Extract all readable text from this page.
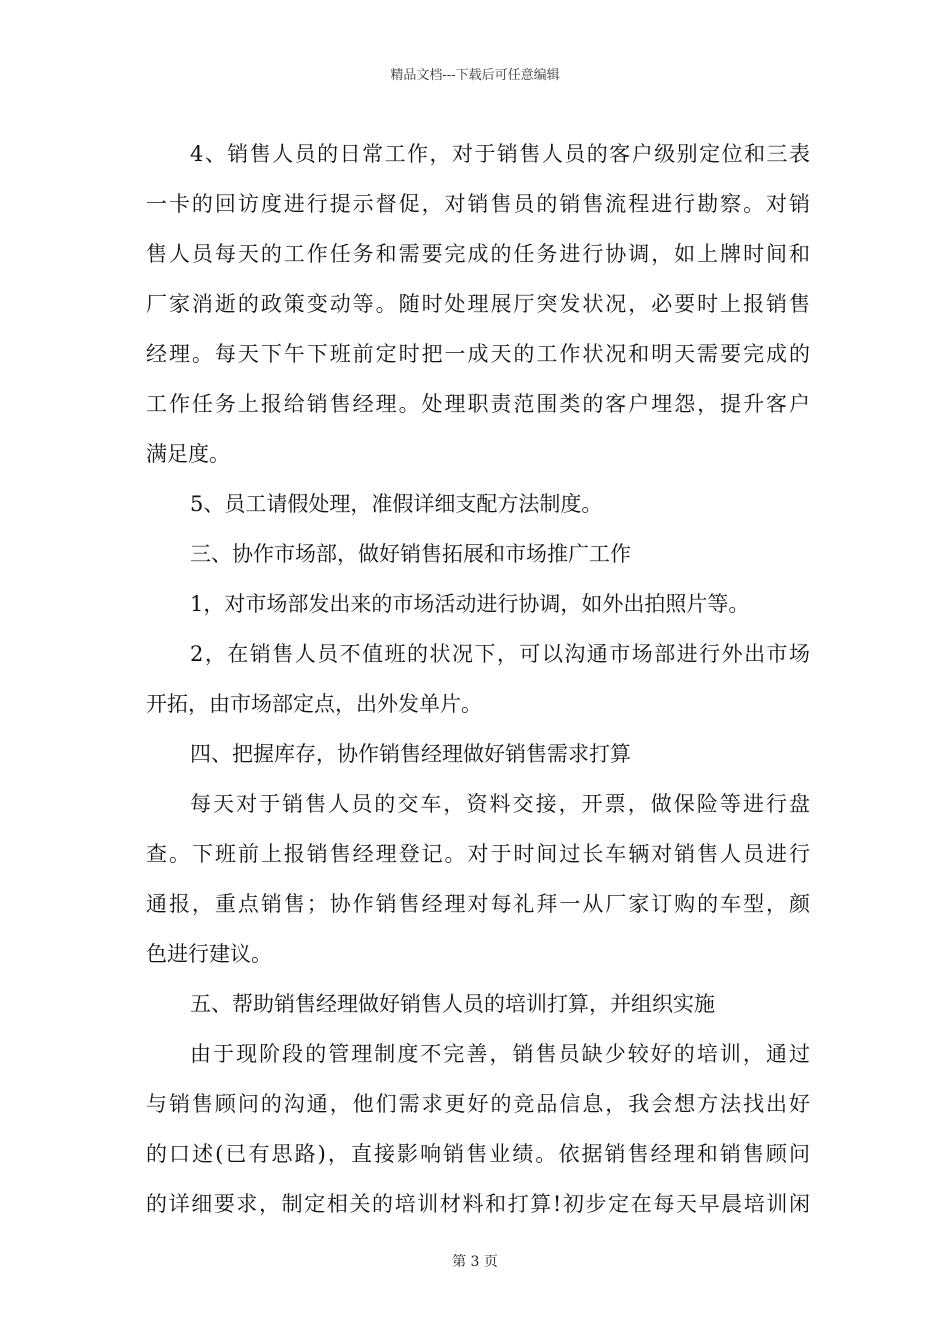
精品文档---下载后可任意编辑
4、销售人员的日常工作，对于销售人员的客户级别定位和三表
一卡的回访度进行提示督促，对销售员的销售流程进行勘察。对销
售人员每天的工作任务和需要完成的任务进行协调，如上牌时间和
厂家消逝的政策变动等。随时处理展厅突发状况，必要时上报销售
经理。每天下午下班前定时把一成天的工作状况和明天需要完成的
工作任务上报给销售经理。处理职责范围类的客户埋怨，提升客户
满足度。
5、员工请假处理，准假详细支配方法制度。
三、协作市场部，做好销售拓展和市场推广工作
1，对市场部发出来的市场活动进行协调，如外出拍照片等。
2，在销售人员不值班的状况下，可以沟通市场部进行外出市场
开拓，由市场部定点，出外发单片。
四、把握库存，协作销售经理做好销售需求打算
每天对于销售人员的交车，资料交接，开票，做保险等进行盘
查。下班前上报销售经理登记。对于时间过长车辆对销售人员进行
通报，重点销售；协作销售经理对每礼拜一从厂家订购的车型，颜
色进行建议。
五、帮助销售经理做好销售人员的培训打算，并组织实施
由于现阶段的管理制度不完善，销售员缺少较好的培训，通过
与销售顾问的沟通，他们需求更好的竞品信息，我会想方法找出好
的口述(已有思路)，直接影响销售业绩。依据销售经理和销售顾问
的详细要求，制定相关的培训材料和打算!初步定在每天早晨培训闲
第 3 页
